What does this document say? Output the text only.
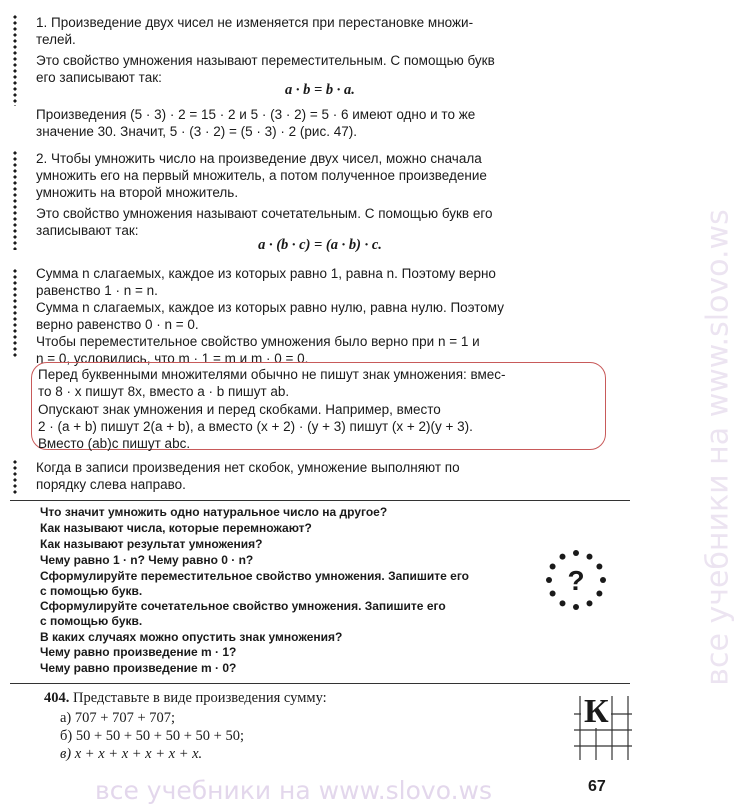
все учебники на www.slovo.ws
все учебники на www.slovo.ws
1. Произведение двух чисел не изменяется при перестановке множи-
телей.
Это свойство умножения называют переместительным. С помощью букв
его записывают так:
a · b = b · a.
Произведения (5 · 3) · 2 = 15 · 2 и 5 · (3 · 2) = 5 · 6 имеют одно и то же
значение 30. Значит, 5 · (3 · 2) = (5 · 3) · 2 (рис. 47).
2. Чтобы умножить число на произведение двух чисел, можно сначала
умножить его на первый множитель, а потом полученное произведение
умножить на второй множитель.
Это свойство умножения называют сочетательным. С помощью букв его
записывают так:
a · (b · c) = (a · b) · c.
Сумма n слагаемых, каждое из которых равно 1, равна n. Поэтому верно
равенство 1 · n = n.
Сумма n слагаемых, каждое из которых равно нулю, равна нулю. Поэтому
верно равенство 0 · n = 0.
Чтобы переместительное свойство умножения было верно при n = 1 и
n = 0, условились, что m · 1 = m и m · 0 = 0.
Перед буквенными множителями обычно не пишут знак умножения: вмес-
то 8 · x пишут 8x, вместо a · b пишут ab.
Опускают знак умножения и перед скобками. Например, вместо
2 · (a + b) пишут 2(a + b), а вместо (x + 2) · (y + 3) пишут (x + 2)(y + 3).
Вместо (ab)c пишут abc.
Когда в записи произведения нет скобок, умножение выполняют по
порядку слева направо.
Что значит умножить одно натуральное число на другое?
Как называют числа, которые перемножают?
Как называют результат умножения?
Чему равно 1 · n? Чему равно 0 · n?
Сформулируйте переместительное свойство умножения. Запишите его
с помощью букв.
Сформулируйте сочетательное свойство умножения. Запишите его
с помощью букв.
В каких случаях можно опустить знак умножения?
Чему равно произведение m · 1?
Чему равно произведение m · 0?
?
404. Представьте в виде произведения сумму:
а) 707 + 707 + 707;
б) 50 + 50 + 50 + 50 + 50 + 50;
в) x + x + x + x + x + x.
К
67
